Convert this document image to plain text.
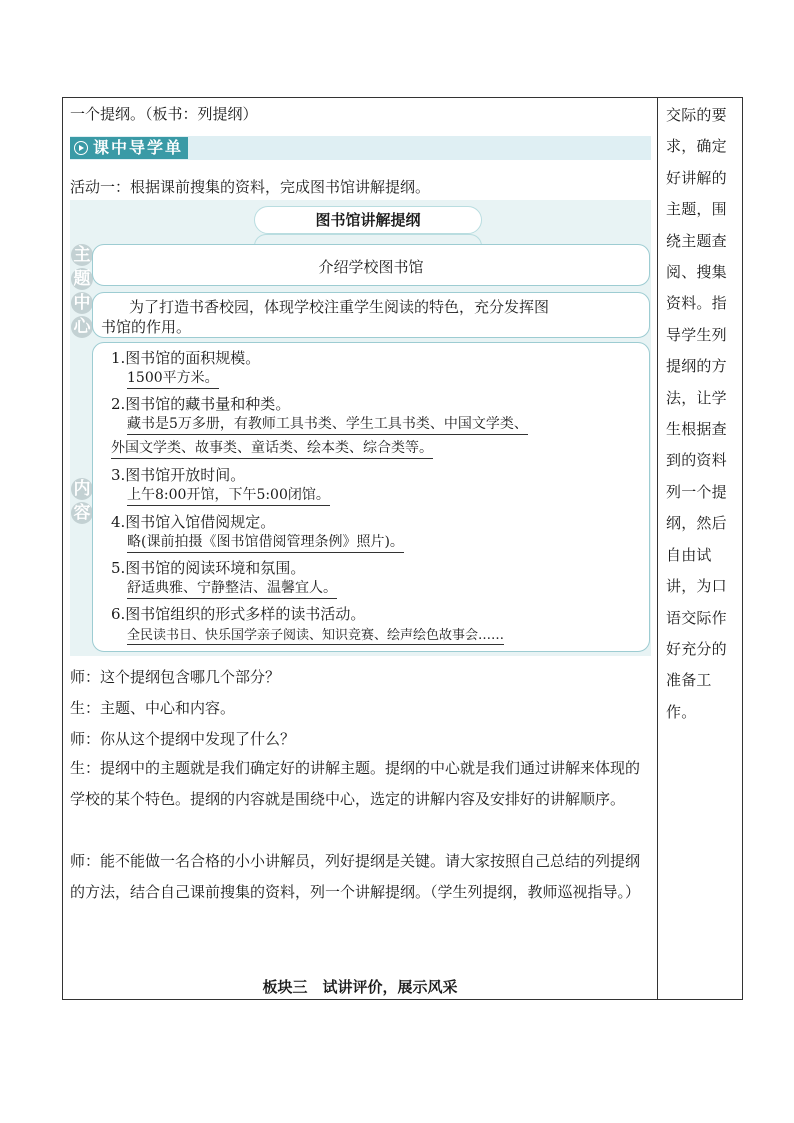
一个提纲。（板书：列提纲）
课中导学单
活动一：根据课前搜集的资料，完成图书馆讲解提纲。
图书馆讲解提纲
主
题
介绍学校图书馆
中
心
为了打造书香校园，体现学校注重学生阅读的特色，充分发挥图
书馆的作用。
内
容
1.图书馆的面积规模。
1500平方米。
2.图书馆的藏书量和种类。
藏书是5万多册，有教师工具书类、学生工具书类、中国文学类、
外国文学类、故事类、童话类、绘本类、综合类等。
3.图书馆开放时间。
上午8:00开馆，下午5:00闭馆。
4.图书馆入馆借阅规定。
略(课前拍摄《图书馆借阅管理条例》照片)。
5.图书馆的阅读环境和氛围。
舒适典雅、宁静整洁、温馨宜人。
6.图书馆组织的形式多样的读书活动。
全民读书日、快乐国学亲子阅读、知识竞赛、绘声绘色故事会……
师：这个提纲包含哪几个部分？
生：主题、中心和内容。
师：你从这个提纲中发现了什么？
生：提纲中的主题就是我们确定好的讲解主题。提纲的中心就是我们通过讲解来体现的学校的某个特色。提纲的内容就是围绕中心，选定的讲解内容及安排好的讲解顺序。
师：能不能做一名合格的小小讲解员，列好提纲是关键。请大家按照自己总结的列提纲的方法，结合自己课前搜集的资料，列一个讲解提纲。（学生列提纲，教师巡视指导。）
板块三　试讲评价，展示风采
交际的要求，确定好讲解的主题，围绕主题查阅、搜集资料。指导学生列提纲的方法，让学生根据查到的资料列一个提纲，然后自由试讲，为口语交际作好充分的准备工作。
